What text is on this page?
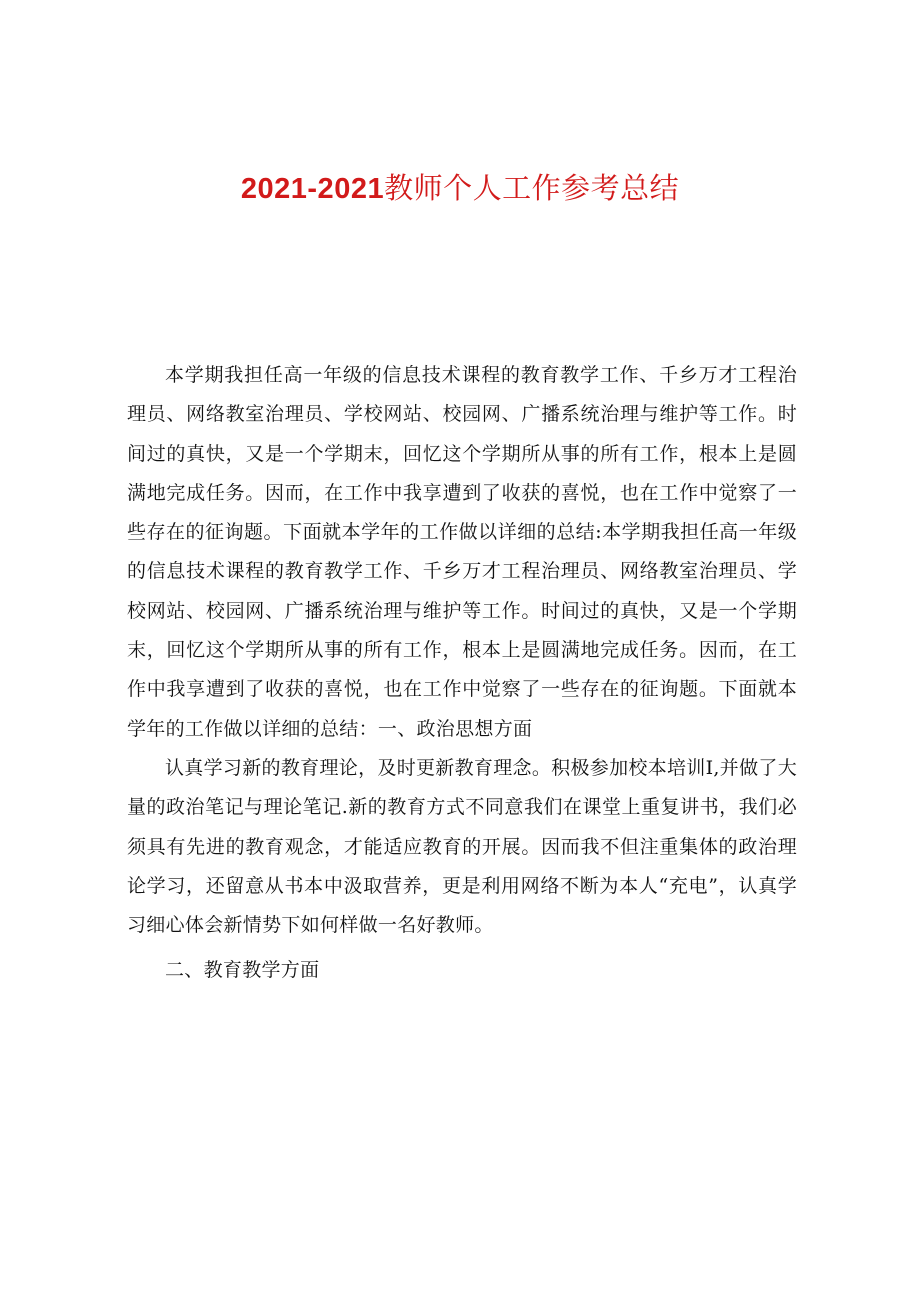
2021-2021教师个人工作参考总结

本学期我担任高一年级的信息技术课程的教育教学工作、千乡万才工程治理员、网络教室治理员、学校网站、校园网、广播系统治理与维护等工作。时间过的真快，又是一个学期末，回忆这个学期所从事的所有工作，根本上是圆满地完成任务。因而，在工作中我享遭到了收获的喜悦，也在工作中觉察了一些存在的征询题。下面就本学年的工作做以详细的总结:本学期我担任高一年级的信息技术课程的教育教学工作、千乡万才工程治理员、网络教室治理员、学校网站、校园网、广播系统治理与维护等工作。时间过的真快，又是一个学期末，回忆这个学期所从事的所有工作，根本上是圆满地完成任务。因而，在工作中我享遭到了收获的喜悦，也在工作中觉察了一些存在的征询题。下面就本学年的工作做以详细的总结：一、政治思想方面

认真学习新的教育理论，及时更新教育理念。积极参加校本培训I,并做了大量的政治笔记与理论笔记.新的教育方式不同意我们在课堂上重复讲书，我们必须具有先进的教育观念，才能适应教育的开展。因而我不但注重集体的政治理论学习，还留意从书本中汲取营养，更是利用网络不断为本人“充电”，认真学习细心体会新情势下如何样做一名好教师。

二、教育教学方面
